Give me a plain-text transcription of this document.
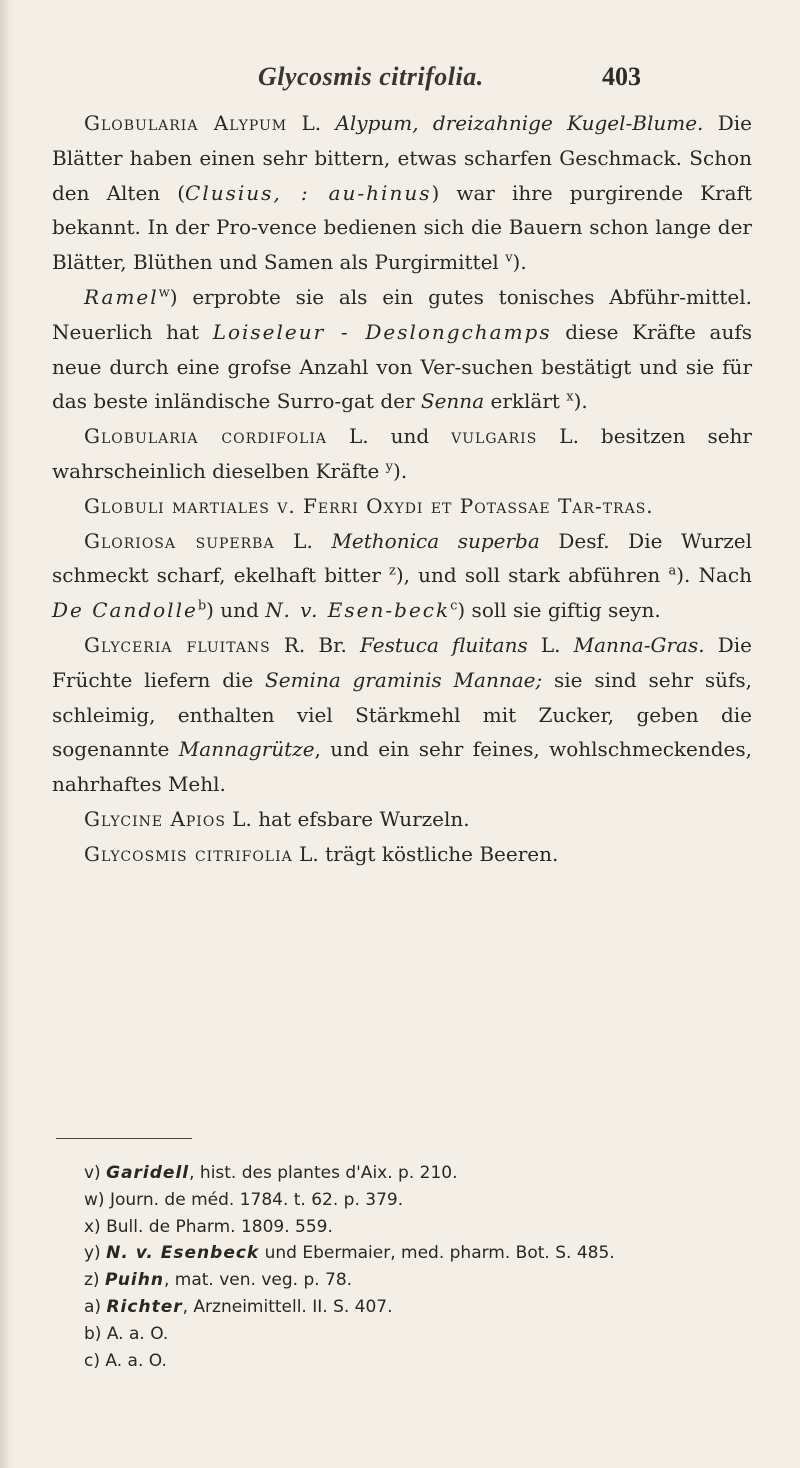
Glycosmis citrifolia.	403

Globularia Alypum L. Alypum, dreizahnige Kugel-Blume. Die Blätter haben einen sehr bittern, etwas scharfen Geschmack. Schon den Alten (Clusius, : au-hinus) war ihre purgirende Kraft bekannt. In der Pro-vence bedienen sich die Bauern schon lange der Blätter, Blüthen und Samen als Purgirmittel $^v$).

Ramel$^w$) erprobte sie als ein gutes tonisches Abführ-mittel. Neuerlich hat Loiseleur - Deslongchamps diese Kräfte aufs neue durch eine grofse Anzahl von Ver-suchen bestätigt und sie für das beste inländische Surro-gat der Senna erklärt $^x$).

Globularia cordifolia L. und vulgaris L. besitzen sehr wahrscheinlich dieselben Kräfte $^y$).

Globuli martiales v. Ferri Oxydi et Potassae Tar-tras.

Gloriosa superba L. Methonica superba Desf. Die Wurzel schmeckt scharf, ekelhaft bitter $^z$), und soll stark abführen $^a$). Nach De Candolle$^b$) und N. v. Esen-beck$^c$) soll sie giftig seyn.

Glyceria fluitans R. Br. Festuca fluitans L. Manna-Gras. Die Früchte liefern die Semina graminis Mannae; sie sind sehr süfs, schleimig, enthalten viel Stärkmehl mit Zucker, geben die sogenannte Mannagrütze, und ein sehr feines, wohlschmeckendes, nahrhaftes Mehl.

Glycine Apios L. hat efsbare Wurzeln.

Glycosmis citrifolia L. trägt köstliche Beeren.

v) Garidell, hist. des plantes d'Aix. p. 210.

w) Journ. de méd. 1784. t. 62. p. 379.

x) Bull. de Pharm. 1809. 559.

y) N. v. Esenbeck und Ebermaier, med. pharm. Bot. S. 485.

z) Puihn, mat. ven. veg. p. 78.

a) Richter, Arzneimittell. II. S. 407.

b) A. a. O.

c) A. a. O.
